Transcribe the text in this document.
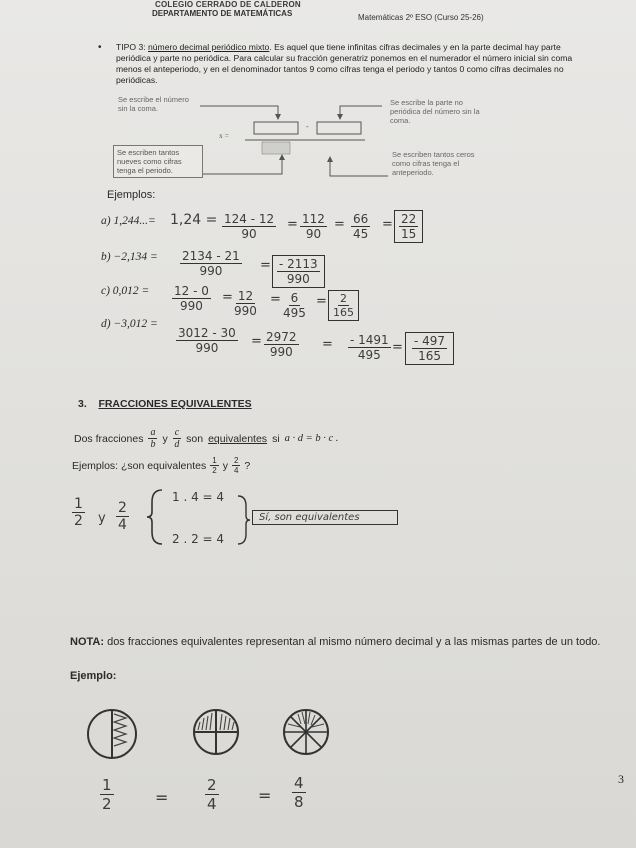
COLEGIO CERRADO DE CALDERON
DEPARTAMENTO DE MATEMÁTICAS	Matemáticas 2º ESO (Curso 25-26)
• TIPO 3: número decimal periódico mixto. Es aquel que tiene infinitas cifras decimales y en la parte decimal hay parte periódica y parte no periódica. Para calcular su fracción generatriz ponemos en el numerador el número inicial sin coma menos el anteperiodo, y en el denominador tantos 9 como cifras tenga el periodo y tantos 0 como cifras decimales no periódicas.
Se escribe el número sin la coma.
Se escribe la parte no periódica del número sin la coma.
x =
-
Se escriben tantos nueves como cifras tenga el periodo.
Se escriben tantos ceros como cifras tenga el anteperiodo.
Ejemplos:
a) $1,244...= 1,24 = \frac{124 - 12}{90} = \frac{112}{90} = \frac{66}{45} = \frac{22}{15}$
$b) -2,134 = \frac{2134 - 21}{990} = \frac{- 2113}{990}$
c) $0,012 = \frac{12 - 0}{990} = \frac{12}{990} = \frac{6}{495} = \frac{2}{165}$
d) −3,012 =
$\frac{3012 - 30}{990} = \frac{2972}{990} = \frac{- 1491}{495} = \frac{- 497}{165}$
3. FRACCIONES EQUIVALENTES
Dos fracciones $\frac{a}{b}$ y $\frac{c}{d}$ son equivalentes si a · d = b · c .
Ejemplos: ¿son equivalentes $\frac{1}{2}$ y $\frac{2}{4}$ ?
$\frac{1}{2}$ y $\frac{2}{4}$
1 . 4 = 4
2 . 2 = 4
Sí, son equivalentes
NOTA: dos fracciones equivalentes representan al mismo número decimal y a las mismas partes de un todo.
Ejemplo:
$\frac{1}{2}$	= $\frac{2}{4} = \frac{4}{8}$	3
